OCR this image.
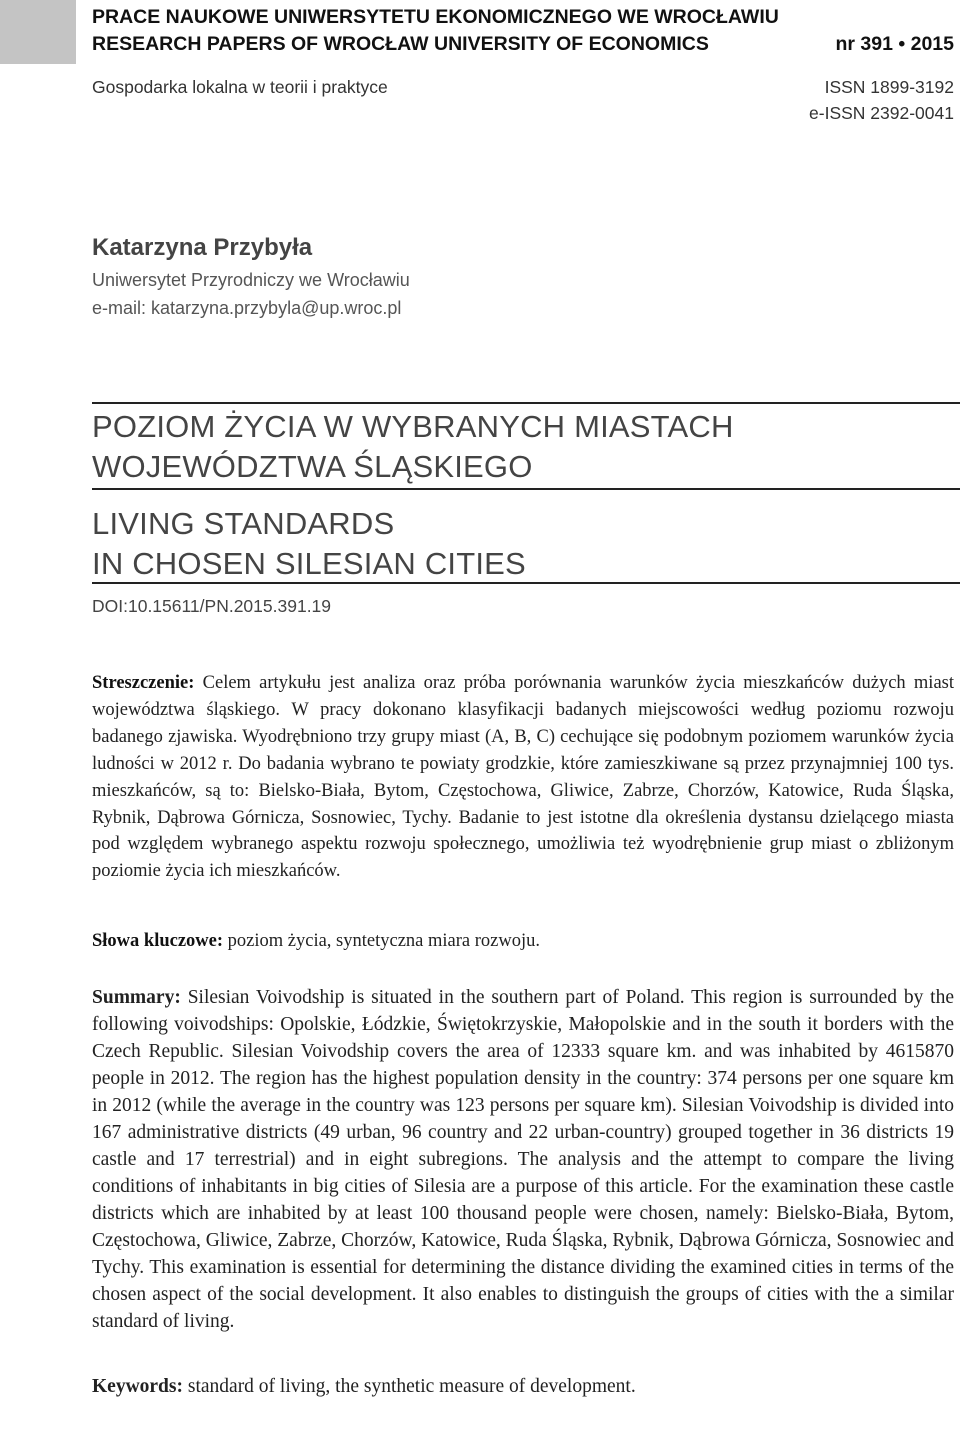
PRACE NAUKOWE UNIWERSYTETU EKONOMICZNEGO WE WROCŁAWIU
RESEARCH PAPERS OF WROCŁAW UNIVERSITY OF ECONOMICS	nr 391 • 2015
Gospodarka lokalna w teorii i praktyce	ISSN 1899-3192
e-ISSN 2392-0041
Katarzyna Przybyła
Uniwersytet Przyrodniczy we Wrocławiu
e-mail: katarzyna.przybyla@up.wroc.pl
POZIOM ŻYCIA W WYBRANYCH MIASTACH
WOJEWÓDZTWA ŚLĄSKIEGO
LIVING STANDARDS
IN CHOSEN SILESIAN CITIES
DOI:10.15611/PN.2015.391.19
Streszczenie: Celem artykułu jest analiza oraz próba porównania warunków życia mieszkańców dużych miast województwa śląskiego. W pracy dokonano klasyfikacji badanych miejscowości według poziomu rozwoju badanego zjawiska. Wyodrębniono trzy grupy miast (A, B, C) cechujące się podobnym poziomem warunków życia ludności w 2012 r. Do badania wybrano te powiaty grodzkie, które zamieszkiwane są przez przynajmniej 100 tys. mieszkańców, są to: Bielsko-Biała, Bytom, Częstochowa, Gliwice, Zabrze, Chorzów, Katowice, Ruda Śląska, Rybnik, Dąbrowa Górnicza, Sosnowiec, Tychy. Badanie to jest istotne dla określenia dystansu dzielącego miasta pod względem wybranego aspektu rozwoju społecznego, umożliwia też wyodrębnienie grup miast o zbliżonym poziomie życia ich mieszkańców.
Słowa kluczowe: poziom życia, syntetyczna miara rozwoju.
Summary: Silesian Voivodship is situated in the southern part of Poland. This region is surrounded by the following voivodships: Opolskie, Łódzkie, Świętokrzyskie, Małopolskie and in the south it borders with the Czech Republic. Silesian Voivodship covers the area of 12333 square km. and was inhabited by 4615870 people in 2012. The region has the highest population density in the country: 374 persons per one square km in 2012 (while the average in the country was 123 persons per square km). Silesian Voivodship is divided into 167 administrative districts (49 urban, 96 country and 22 urban-country) grouped together in 36 districts 19 castle and 17 terrestrial) and in eight subregions. The analysis and the attempt to compare the living conditions of inhabitants in big cities of Silesia are a purpose of this article. For the examination these castle districts which are inhabited by at least 100 thousand people were chosen, namely: Bielsko-Biała, Bytom, Częstochowa, Gliwice, Zabrze, Chorzów, Katowice, Ruda Śląska, Rybnik, Dąbrowa Górnicza, Sosnowiec and Tychy. This examination is essential for determining the distance dividing the examined cities in terms of the chosen aspect of the social development. It also enables to distinguish the groups of cities with the a similar standard of living.
Keywords: standard of living, the synthetic measure of development.
